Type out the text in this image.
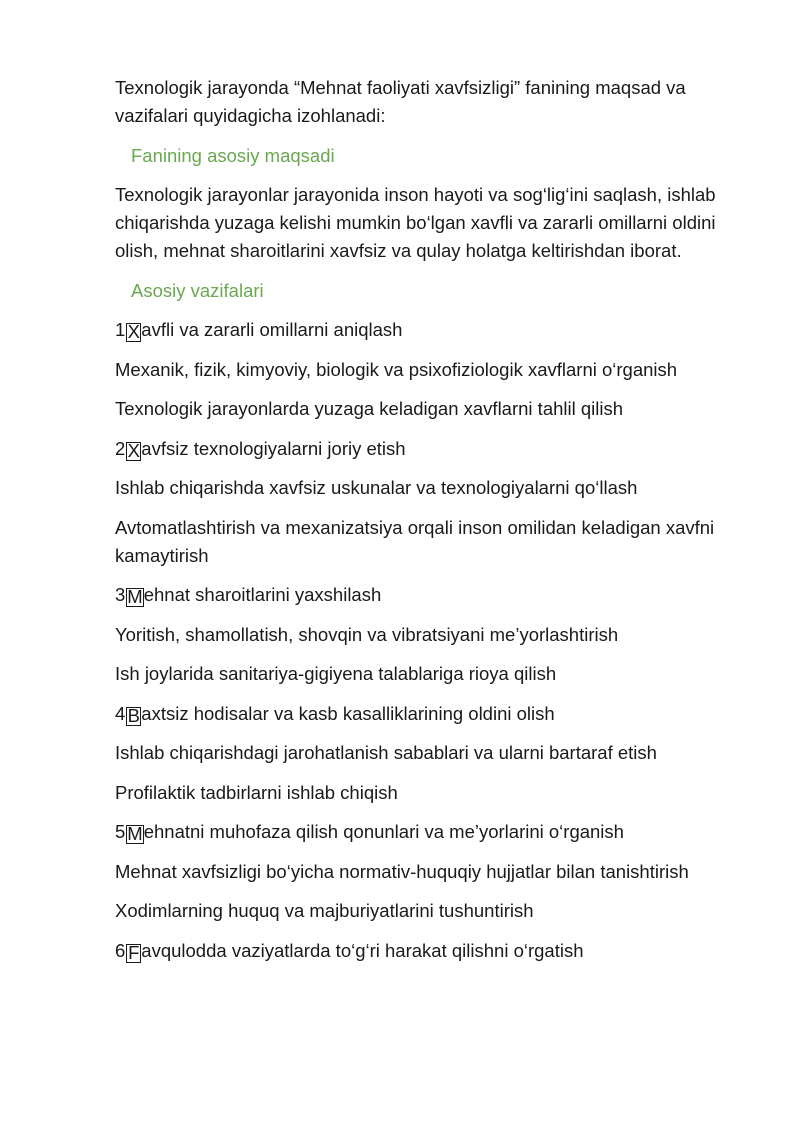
Texnologik jarayonda “Mehnat faoliyati xavfsizligi” fanining maqsad va vazifalari quyidagicha izohlanadi:

Fanining asosiy maqsadi

Texnologik jarayonlar jarayonida inson hayoti va sog‘lig‘ini saqlash, ishlab chiqarishda yuzaga kelishi mumkin bo‘lgan xavfli va zararli omillarni oldini olish, mehnat sharoitlarini xavfsiz va qulay holatga keltirishdan iborat.

Asosiy vazifalari

1 Xavfli va zararli omillarni aniqlash

Mexanik, fizik, kimyoviy, biologik va psixofiziologik xavflarni o‘rganish

Texnologik jarayonlarda yuzaga keladigan xavflarni tahlil qilish

2 Xavfsiz texnologiyalarni joriy etish

Ishlab chiqarishda xavfsiz uskunalar va texnologiyalarni qo‘llash

Avtomatlashtirish va mexanizatsiya orqali inson omilidan keladigan xavfni kamaytirish

3 Mehnat sharoitlarini yaxshilash

Yoritish, shamollatish, shovqin va vibratsiyani me’yorlashtirish

Ish joylarida sanitariya-gigiyena talablariga rioya qilish

4 Baxtsiz hodisalar va kasb kasalliklarining oldini olish

Ishlab chiqarishdagi jarohatlanish sabablari va ularni bartaraf etish

Profilaktik tadbirlarni ishlab chiqish

5 Mehnatni muhofaza qilish qonunlari va me’yorlarini o‘rganish

Mehnat xavfsizligi bo‘yicha normativ-huquqiy hujjatlar bilan tanishtirish

Xodimlarning huquq va majburiyatlarini tushuntirish

6 Favqulodda vaziyatlarda to‘g‘ri harakat qilishni o‘rgatish
